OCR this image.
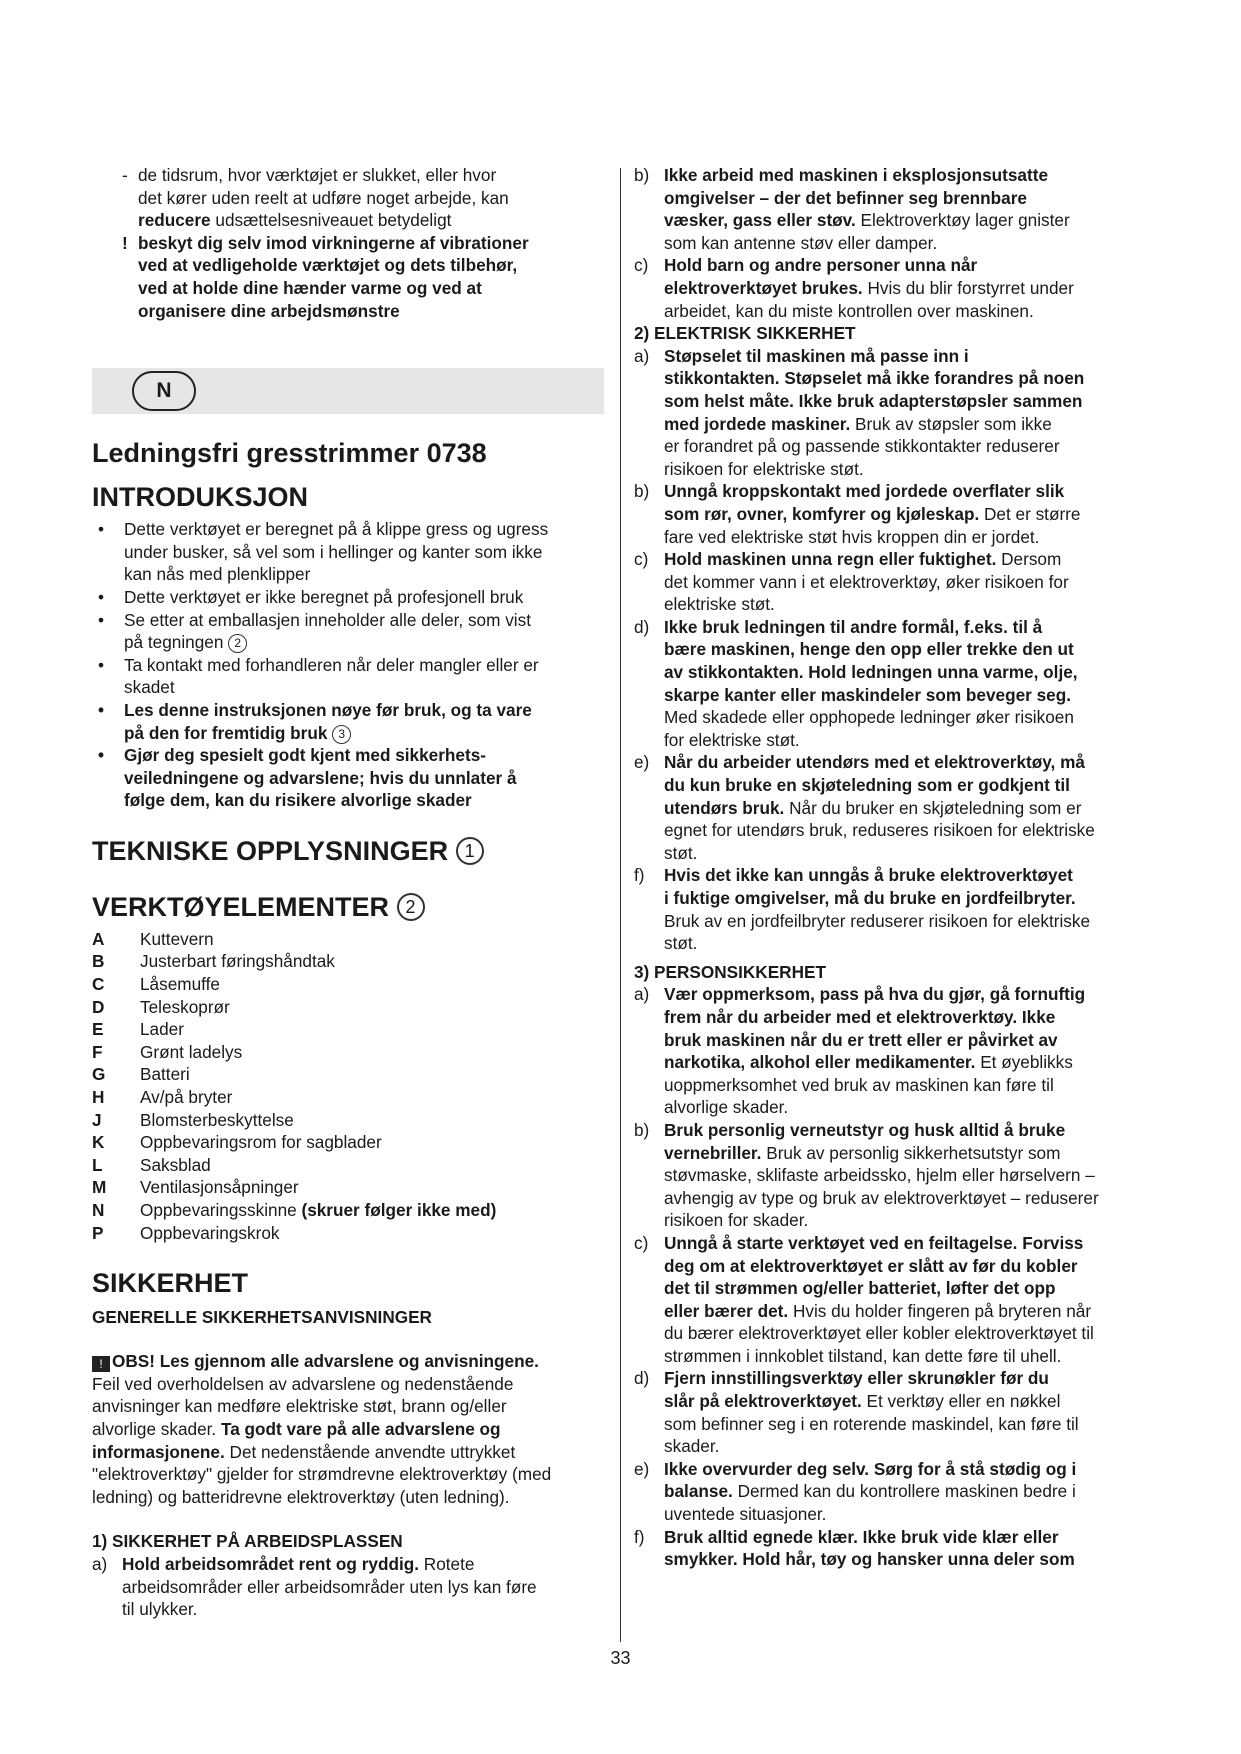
- de tidsrum, hvor værktøjet er slukket, eller hvor

det kører uden reelt at udføre noget arbejde, kan

reducere udsættelsesniveauet betydeligt

! beskyt dig selv imod virkningerne af vibrationer

ved at vedligeholde værktøjet og dets tilbehør,

ved at holde dine hænder varme og ved at

organisere dine arbejdsmønstre

N
Ledningsfri gresstrimmer 0738
INTRODUKSJON
• Dette verktøyet er beregnet på å klippe gress og ugress

under busker, så vel som i hellinger og kanter som ikke

kan nås med plenklipper

• Dette verktøyet er ikke beregnet på profesjonell bruk

• Se etter at emballasjen inneholder alle deler, som vist

på tegningen 2

• Ta kontakt med forhandleren når deler mangler eller er

skadet

• Les denne instruksjonen nøye før bruk, og ta vare

på den for fremtidig bruk 3

• Gjør deg spesielt godt kjent med sikkerhets-

veiledningene og advarslene; hvis du unnlater å

følge dem, kan du risikere alvorlige skader

TEKNISKE OPPLYSNINGER 1
VERKTØYELEMENTER 2
A	Kuttevern
B	Justerbart føringshåndtak
C	Låsemuffe
D	Teleskoprør
E	Lader
F	Grønt ladelys
G	Batteri
H	Av/på bryter
J	Blomsterbeskyttelse
K	Oppbevaringsrom for sagblader
L	Saksblad
M	Ventilasjonsåpninger
N	Oppbevaringsskinne (skruer følger ikke med)
P	Oppbevaringskrok
SIKKERHET
GENERELLE SIKKERHETSANVISNINGER

! OBS! Les gjennom alle advarslene og anvisningene.

Feil ved overholdelsen av advarslene og nedenstående

anvisninger kan medføre elektriske støt, brann og/eller

alvorlige skader. Ta godt vare på alle advarslene og

informasjonene. Det nedenstående anvendte uttrykket

"elektroverktøy" gjelder for strømdrevne elektroverktøy (med

ledning) og batteridrevne elektroverktøy (uten ledning).

1) SIKKERHET PÅ ARBEIDSPLASSEN

a) Hold arbeidsområdet rent og ryddig. Rotete

arbeidsområder eller arbeidsområder uten lys kan føre

til ulykker.

b) Ikke arbeid med maskinen i eksplosjonsutsatte

omgivelser – der det befinner seg brennbare

væsker, gass eller støv. Elektroverktøy lager gnister

som kan antenne støv eller damper.

c) Hold barn og andre personer unna når

elektroverktøyet brukes. Hvis du blir forstyrret under

arbeidet, kan du miste kontrollen over maskinen.

2) ELEKTRISK SIKKERHET

a) Støpselet til maskinen må passe inn i

stikkontakten. Støpselet må ikke forandres på noen

som helst måte. Ikke bruk adapterstøpsler sammen

med jordede maskiner. Bruk av støpsler som ikke

er forandret på og passende stikkontakter reduserer

risikoen for elektriske støt.

b) Unngå kroppskontakt med jordede overflater slik

som rør, ovner, komfyrer og kjøleskap. Det er større

fare ved elektriske støt hvis kroppen din er jordet.

c) Hold maskinen unna regn eller fuktighet. Dersom

det kommer vann i et elektroverktøy, øker risikoen for

elektriske støt.

d) Ikke bruk ledningen til andre formål, f.eks. til å

bære maskinen, henge den opp eller trekke den ut

av stikkontakten. Hold ledningen unna varme, olje,

skarpe kanter eller maskindeler som beveger seg.

Med skadede eller opphopede ledninger øker risikoen

for elektriske støt.

e) Når du arbeider utendørs med et elektroverktøy, må

du kun bruke en skjøteledning som er godkjent til

utendørs bruk. Når du bruker en skjøteledning som er

egnet for utendørs bruk, reduseres risikoen for elektriske

støt.

f) Hvis det ikke kan unngås å bruke elektroverktøyet

i fuktige omgivelser, må du bruke en jordfeilbryter.

Bruk av en jordfeilbryter reduserer risikoen for elektriske

støt.

3) PERSONSIKKERHET

a) Vær oppmerksom, pass på hva du gjør, gå fornuftig

frem når du arbeider med et elektroverktøy. Ikke

bruk maskinen når du er trett eller er påvirket av

narkotika, alkohol eller medikamenter. Et øyeblikks

uoppmerksomhet ved bruk av maskinen kan føre til

alvorlige skader.

b) Bruk personlig verneutstyr og husk alltid å bruke

vernebriller. Bruk av personlig sikkerhetsutstyr som

støvmaske, sklifaste arbeidssko, hjelm eller hørselvern –

avhengig av type og bruk av elektroverktøyet – reduserer

risikoen for skader.

c) Unngå å starte verktøyet ved en feiltagelse. Forviss

deg om at elektroverktøyet er slått av før du kobler

det til strømmen og/eller batteriet, løfter det opp

eller bærer det. Hvis du holder fingeren på bryteren når

du bærer elektroverktøyet eller kobler elektroverktøyet til

strømmen i innkoblet tilstand, kan dette føre til uhell.

d) Fjern innstillingsverktøy eller skrunøkler før du

slår på elektroverktøyet. Et verktøy eller en nøkkel

som befinner seg i en roterende maskindel, kan føre til

skader.

e) Ikke overvurder deg selv. Sørg for å stå stødig og i

balanse. Dermed kan du kontrollere maskinen bedre i

uventede situasjoner.

f) Bruk alltid egnede klær. Ikke bruk vide klær eller

smykker. Hold hår, tøy og hansker unna deler som

33
